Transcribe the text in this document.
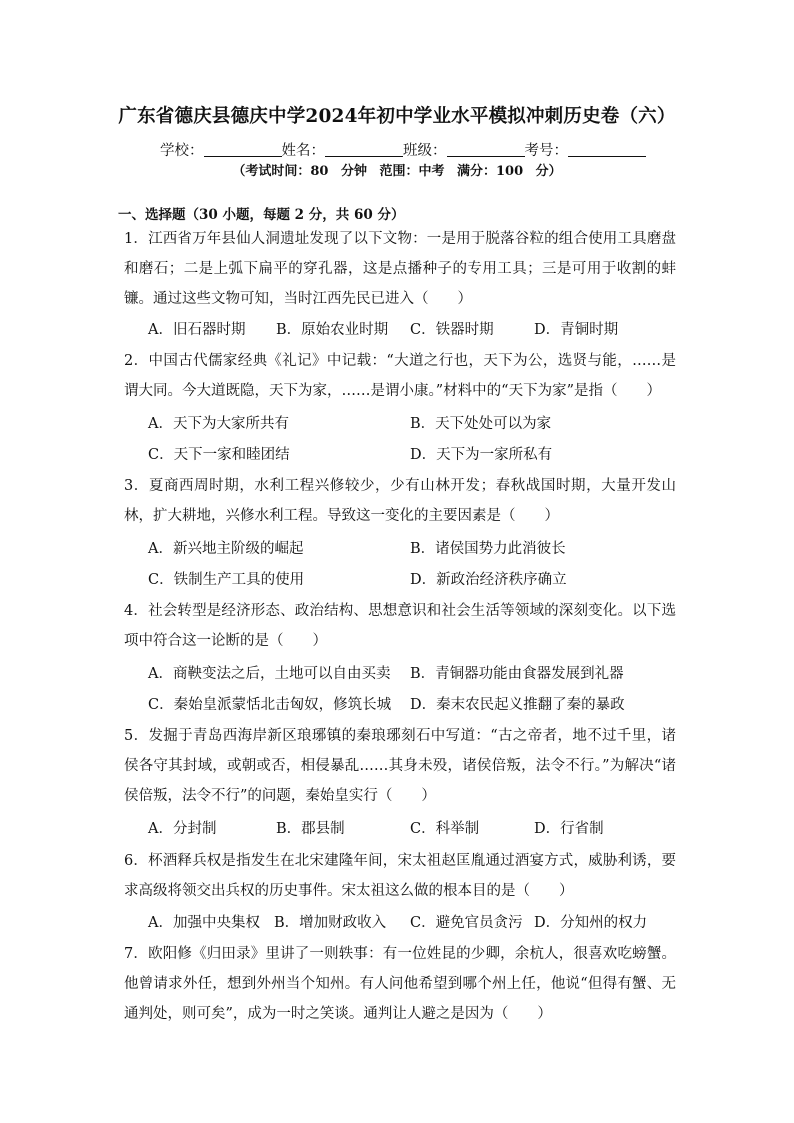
广东省德庆县德庆中学2024年初中学业水平模拟冲刺历史卷（六）
学校：	姓名：	班级：	考号：
（考试时间：80 分钟 范围：中考 满分：100 分）
一、选择题（30 小题，每题 2 分，共 60 分）
1．江西省万年县仙人洞遗址发现了以下文物：一是用于脱落谷粒的组合使用工具磨盘和磨石；二是上弧下扁平的穿孔器，这是点播种子的专用工具；三是可用于收割的蚌镰。通过这些文物可知，当时江西先民已进入（　　）
A．旧石器时期 B．原始农业时期 C．铁器时期	D．青铜时期
2．中国古代儒家经典《礼记》中记载：“大道之行也，天下为公，选贤与能，……是谓大同。今大道既隐，天下为家，……是谓小康。”材料中的“天下为家”是指（　　）
A．天下为大家所共有	B．天下处处可以为家
C．天下一家和睦团结	D．天下为一家所私有
3．夏商西周时期，水利工程兴修较少，少有山林开发；春秋战国时期，大量开发山林，扩大耕地，兴修水利工程。导致这一变化的主要因素是（　　）
A．新兴地主阶级的崛起	B．诸侯国势力此消彼长
C．铁制生产工具的使用	D．新政治经济秩序确立
4．社会转型是经济形态、政治结构、思想意识和社会生活等领域的深刻变化。以下选项中符合这一论断的是（　　）
A．商鞅变法之后，土地可以自由买卖 B．青铜器功能由食器发展到礼器
C．秦始皇派蒙恬北击匈奴，修筑长城 D．秦末农民起义推翻了秦的暴政
5．发掘于青岛西海岸新区琅琊镇的秦琅琊刻石中写道：“古之帝者，地不过千里，诸侯各守其封域，或朝或否，相侵暴乱……其身未殁，诸侯倍叛，法令不行。”为解决“诸侯倍叛，法令不行”的问题，秦始皇实行（　　）
A．分封制	B．郡县制	C．科举制	D．行省制
6．杯酒释兵权是指发生在北宋建隆年间，宋太祖赵匡胤通过酒宴方式，威胁利诱，要求高级将领交出兵权的历史事件。宋太祖这么做的根本目的是（　　）
A．加强中央集权 B．增加财政收入 C．避免官员贪污 D．分知州的权力
7．欧阳修《归田录》里讲了一则轶事：有一位姓昆的少卿，余杭人，很喜欢吃螃蟹。他曾请求外任，想到外州当个知州。有人问他希望到哪个州上任，他说“但得有蟹、无通判处，则可矣”，成为一时之笑谈。通判让人避之是因为（　　）
